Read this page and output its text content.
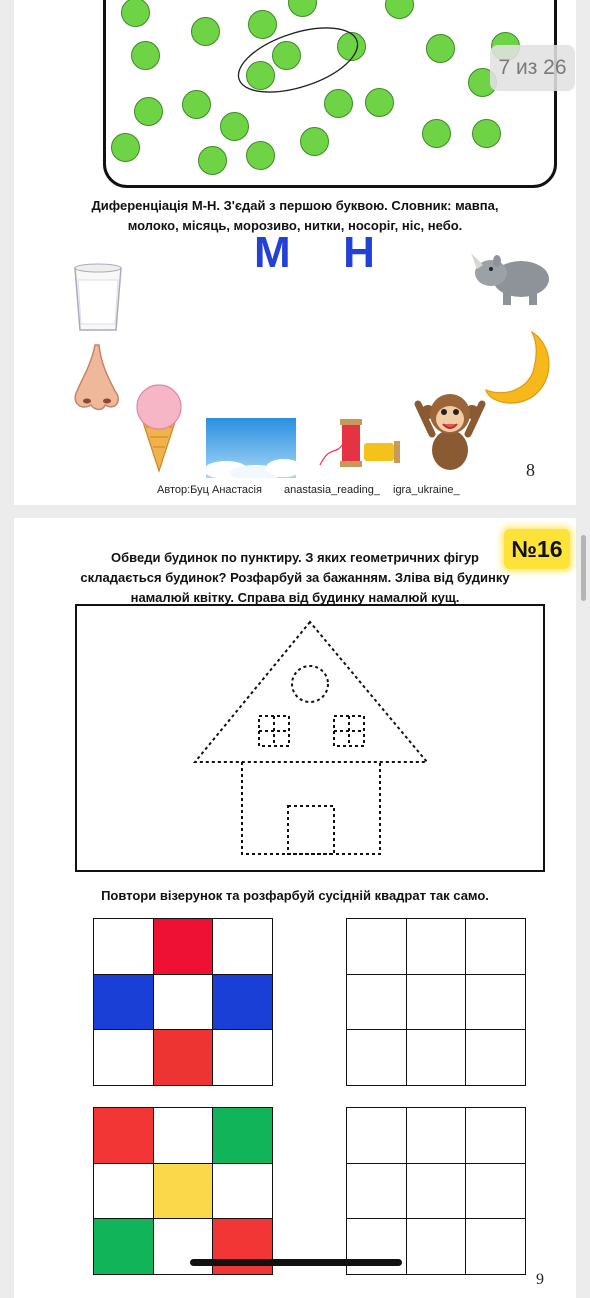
Диференціація М-Н. З'єдай з першою буквою. Словник: мавпа,
молоко, місяць, морозиво, нитки, носоріг, ніс, небо.
М Н
8
Автор:Буц Анастасія anastasia_reading_ igra_ukraine_
№16
Обведи будинок по пунктиру. З яких геометричних фігур
складається будинок? Розфарбуй за бажанням. Зліва від будинку
намалюй квітку. Справа від будинку намалюй кущ.
Повтори візерунок та розфарбуй сусідній квадрат так само.
7 из 26
9
